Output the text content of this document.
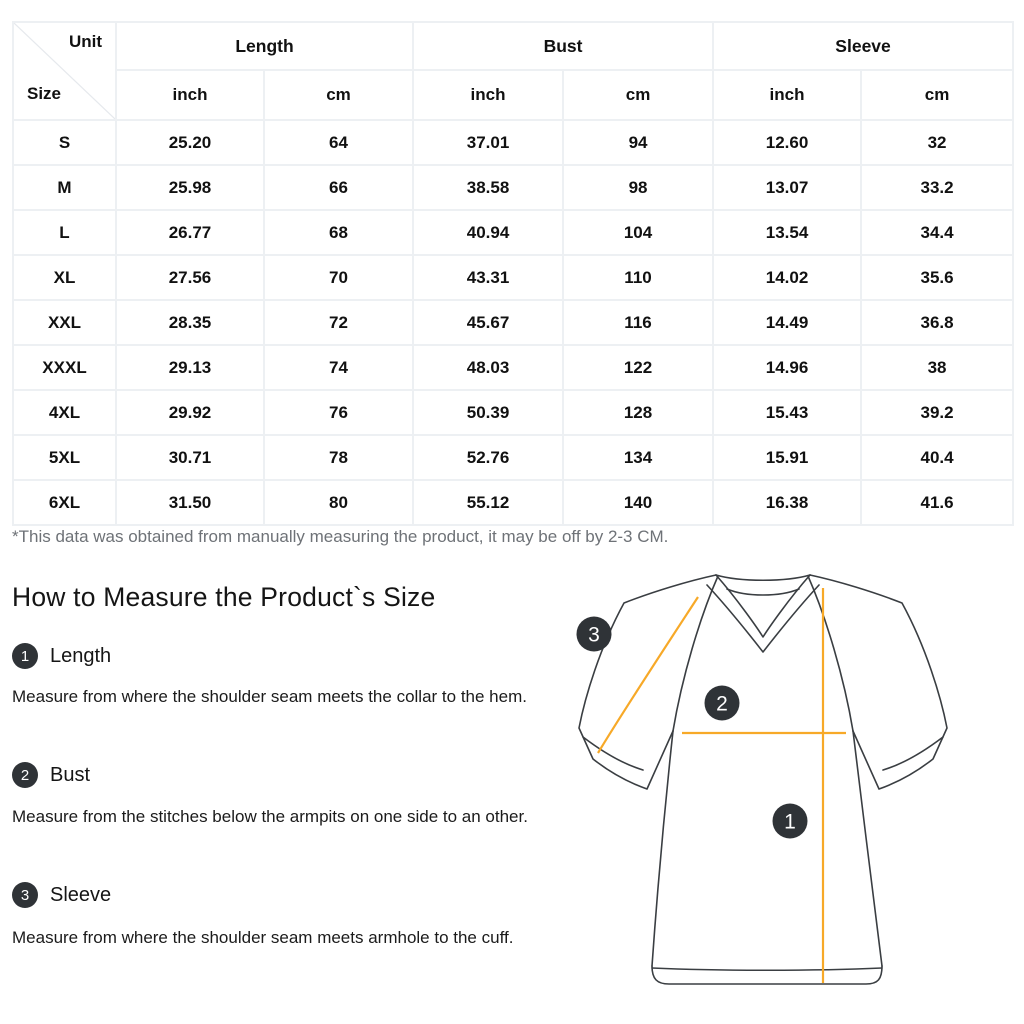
Unit
Size	Length		Bust		Sleeve	
	inch	cm	inch	cm	inch	cm
S	25.20	64	37.01	94	12.60	32
M	25.98	66	38.58	98	13.07	33.2
L	26.77	68	40.94	104	13.54	34.4
XL	27.56	70	43.31	110	14.02	35.6
XXL	28.35	72	45.67	116	14.49	36.8
XXXL	29.13	74	48.03	122	14.96	38
4XL	29.92	76	50.39	128	15.43	39.2
5XL	30.71	78	52.76	134	15.91	40.4
6XL	31.50	80	55.12	140	16.38	41.6
*This data was obtained from manually measuring the product, it may be off by 2-3 CM.
How to Measure the Product`s Size
1	Length

Measure from where the shoulder seam meets the collar to the hem.

2	Bust

Measure from the stitches below the armpits on one side to an other.

3	Sleeve

Measure from where the shoulder seam meets armhole to the cuff.

3
2
1
